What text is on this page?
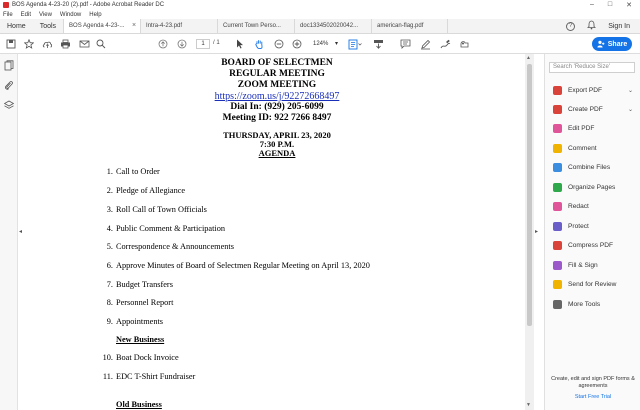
BOS Agenda 4-23-20 (2).pdf - Adobe Acrobat Reader DC	– □ ✕
File Edit View Window Help
Home	Tools	BOS Agenda 4-23-... × Intra-4-23.pdf	Current Town Perso...	doc1334502020042...	american-flag.pdf	?	Sign In
1	/ 1	124% ▾	Share
◂
BOARD OF SELECTMEN
REGULAR MEETING
ZOOM MEETING
https://zoom.us/j/92272668497
Dial In: (929) 205-6099
Meeting ID: 922 7266 8497
THURSDAY, APRIL 23, 2020
7:30 P.M.
AGENDA
1. Call to Order
2. Pledge of Allegiance
3. Roll Call of Town Officials
4. Public Comment & Participation
5. Correspondence & Announcements
6. Approve Minutes of Board of Selectmen Regular Meeting on April 13, 2020
7. Budget Transfers
8. Personnel Report
9. Appointments
New Business
10. Boat Dock Invoice
11. EDC T-Shirt Fundraiser
Old Business
▲
▼
▸
Search 'Reduce Size'
Export PDF	⌄
Create PDF	⌄
Edit PDF
Comment
Combine Files
Organize Pages
Redact
Protect
Compress PDF
Fill & Sign
Send for Review
More Tools
Create, edit and sign PDF forms & agreements
Start Free Trial
